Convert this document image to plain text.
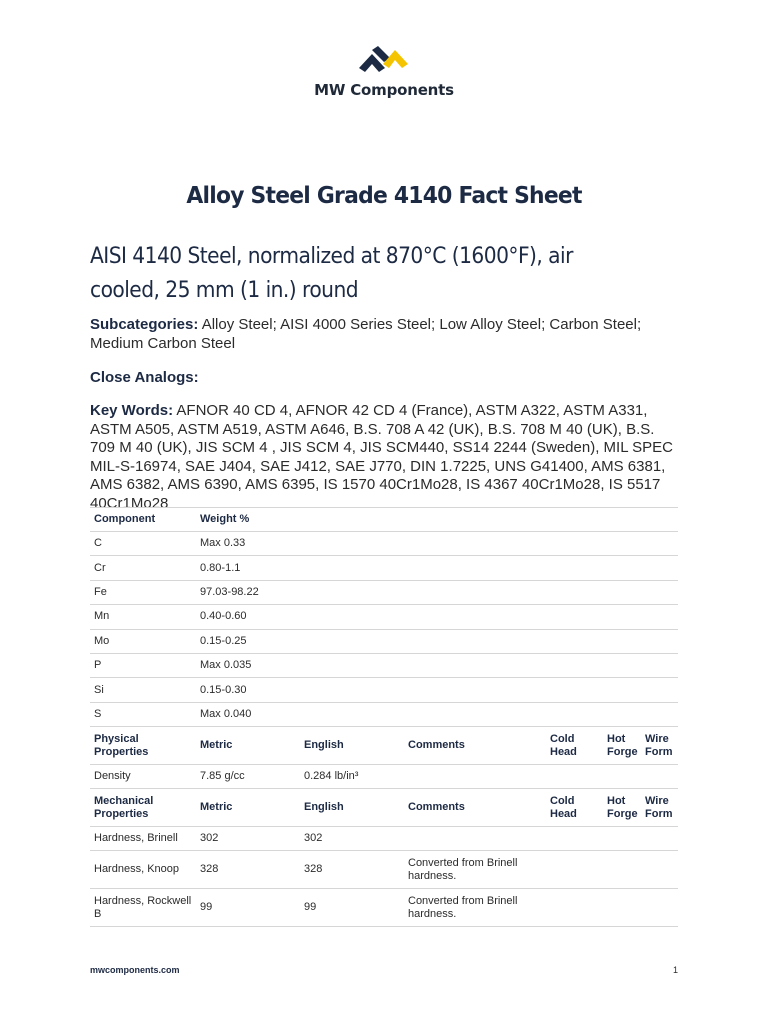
MW Components
Alloy Steel Grade 4140 Fact Sheet
AISI 4140 Steel, normalized at 870°C (1600°F), air cooled, 25 mm (1 in.) round
Subcategories: Alloy Steel; AISI 4000 Series Steel; Low Alloy Steel; Carbon Steel; Medium Carbon Steel
Close Analogs:
Key Words: AFNOR 40 CD 4, AFNOR 42 CD 4 (France), ASTM A322, ASTM A331, ASTM A505, ASTM A519, ASTM A646, B.S. 708 A 42 (UK), B.S. 708 M 40 (UK), B.S. 709 M 40 (UK), JIS SCM 4 , JIS SCM 4, JIS SCM440, SS14 2244 (Sweden), MIL SPEC MIL-S-16974, SAE J404, SAE J412, SAE J770, DIN 1.7225, UNS G41400, AMS 6381, AMS 6382, AMS 6390, AMS 6395, IS 1570 40Cr1Mo28, IS 4367 40Cr1Mo28, IS 5517 40Cr1Mo28
Component	Weight %					
C	Max 0.33					
Cr	0.80-1.1					
Fe	97.03-98.22					
Mn	0.40-0.60					
Mo	0.15-0.25					
P	Max 0.035					
Si	0.15-0.30					
S	Max 0.040					
Physical Properties	Metric	English	Comments	Cold Head	Hot Forge	Wire Form
Density	7.85 g/cc	0.284 lb/in³				
Mechanical Properties	Metric	English	Comments	Cold Head	Hot Forge	Wire Form
Hardness, Brinell	302	302				
Hardness, Knoop	328	328	Converted from Brinell hardness.			
Hardness, Rockwell B	99	99	Converted from Brinell hardness.			
mwcomponents.com	1
